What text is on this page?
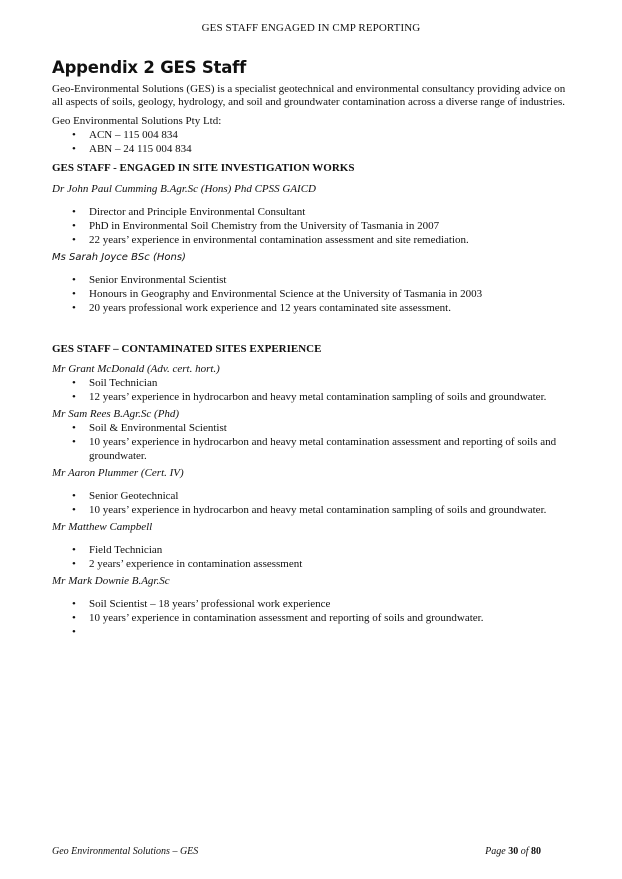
GES STAFF ENGAGED IN CMP REPORTING
Appendix 2 GES Staff

Geo-Environmental Solutions (GES) is a specialist geotechnical and environmental consultancy providing advice on all aspects of soils, geology, hydrology, and soil and groundwater contamination across a diverse range of industries.

Geo Environmental Solutions Pty Ltd:

• ACN – 115 004 834
• ABN – 24 115 004 834
GES STAFF - ENGAGED IN SITE INVESTIGATION WORKS

Dr John Paul Cumming B.Agr.Sc (Hons) Phd CPSS GAICD

• Director and Principle Environmental Consultant
• PhD in Environmental Soil Chemistry from the University of Tasmania in 2007
• 22 years’ experience in environmental contamination assessment and site remediation.

Ms Sarah Joyce BSc (Hons)

• Senior Environmental Scientist
• Honours in Geography and Environmental Science at the University of Tasmania in 2003
• 20 years professional work experience and 12 years contaminated site assessment.
GES STAFF – CONTAMINATED SITES EXPERIENCE

Mr Grant McDonald (Adv. cert. hort.)

• Soil Technician
• 12 years’ experience in hydrocarbon and heavy metal contamination sampling of soils and groundwater.

Mr Sam Rees B.Agr.Sc (Phd)

• Soil & Environmental Scientist
• 10 years’ experience in hydrocarbon and heavy metal contamination assessment and reporting of soils and groundwater.

Mr Aaron Plummer (Cert. IV)

• Senior Geotechnical
• 10 years’ experience in hydrocarbon and heavy metal contamination sampling of soils and groundwater.

Mr Matthew Campbell

• Field Technician
• 2 years’ experience in contamination assessment

Mr Mark Downie B.Agr.Sc

• Soil Scientist – 18 years’ professional work experience
• 10 years’ experience in contamination assessment and reporting of soils and groundwater.
Geo Environmental Solutions – GES	Page 30 of 80
